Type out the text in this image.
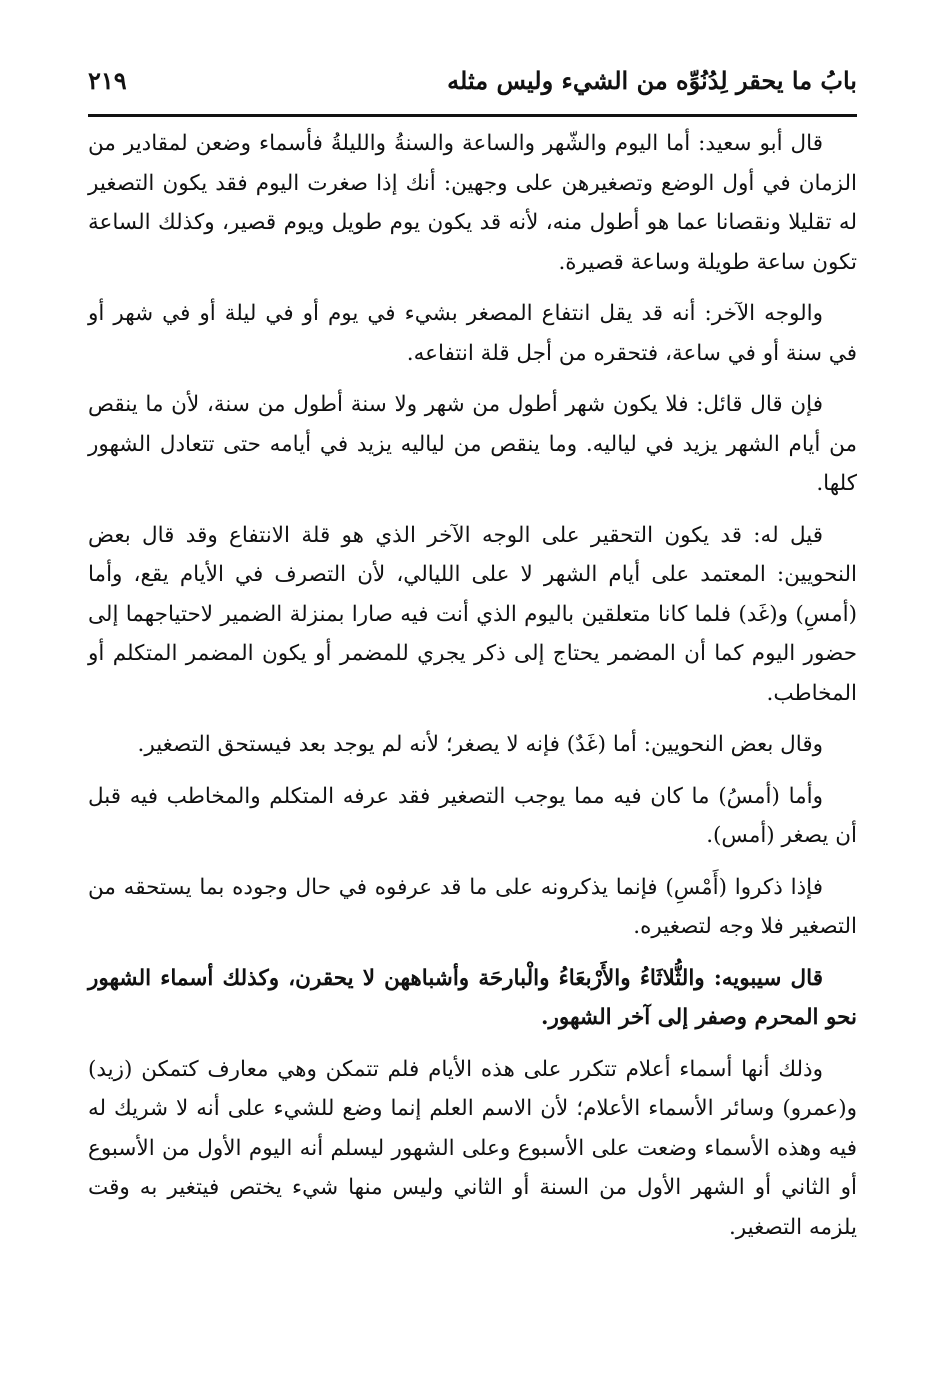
بابُ ما يحقر لِدُنُوِّه من الشيء وليس مثله
٢١٩

قال أبو سعيد: أما اليوم والشّهر والساعة والسنةُ والليلةُ فأسماء وضعن لمقادير من الزمان في أول الوضع وتصغيرهن على وجهين: أنك إذا صغرت اليوم فقد يكون التصغير له تقليلا ونقصانا عما هو أطول منه، لأنه قد يكون يوم طويل ويوم قصير، وكذلك الساعة تكون ساعة طويلة وساعة قصيرة.

والوجه الآخر: أنه قد يقل انتفاع المصغر بشيء في يوم أو في ليلة أو في شهر أو في سنة أو في ساعة، فتحقره من أجل قلة انتفاعه.

فإن قال قائل: فلا يكون شهر أطول من شهر ولا سنة أطول من سنة، لأن ما ينقص من أيام الشهر يزيد في لياليه. وما ينقص من لياليه يزيد في أيامه حتى تتعادل الشهور كلها.

قيل له: قد يكون التحقير على الوجه الآخر الذي هو قلة الانتفاع وقد قال بعض النحويين: المعتمد على أيام الشهر لا على الليالي، لأن التصرف في الأيام يقع، وأما (أمسِ) و(غَد) فلما كانا متعلقين باليوم الذي أنت فيه صارا بمنزلة الضمير لاحتياجهما إلى حضور اليوم كما أن المضمر يحتاج إلى ذكر يجري للمضمر أو يكون المضمر المتكلم أو المخاطب.

وقال بعض النحويين: أما (غَدٌ) فإنه لا يصغر؛ لأنه لم يوجد بعد فيستحق التصغير.

وأما (أمسُ) ما كان فيه مما يوجب التصغير فقد عرفه المتكلم والمخاطب فيه قبل أن يصغر (أمس).

فإذا ذكروا (أَمْسِ) فإنما يذكرونه على ما قد عرفوه في حال وجوده بما يستحقه من التصغير فلا وجه لتصغيره.

قال سيبويه: والثُّلاثَاءُ والأَرْبعَاءُ والْبارحَة وأشباههن لا يحقرن، وكذلك أسماء الشهور نحو المحرم وصفر إلى آخر الشهور.

وذلك أنها أسماء أعلام تتكرر على هذه الأيام فلم تتمكن وهي معارف كتمكن (زيد) و(عمرو) وسائر الأسماء الأعلام؛ لأن الاسم العلم إنما وضع للشيء على أنه لا شريك له فيه وهذه الأسماء وضعت على الأسبوع وعلى الشهور ليسلم أنه اليوم الأول من الأسبوع أو الثاني أو الشهر الأول من السنة أو الثاني وليس منها شيء يختص فيتغير به وقت يلزمه التصغير.
